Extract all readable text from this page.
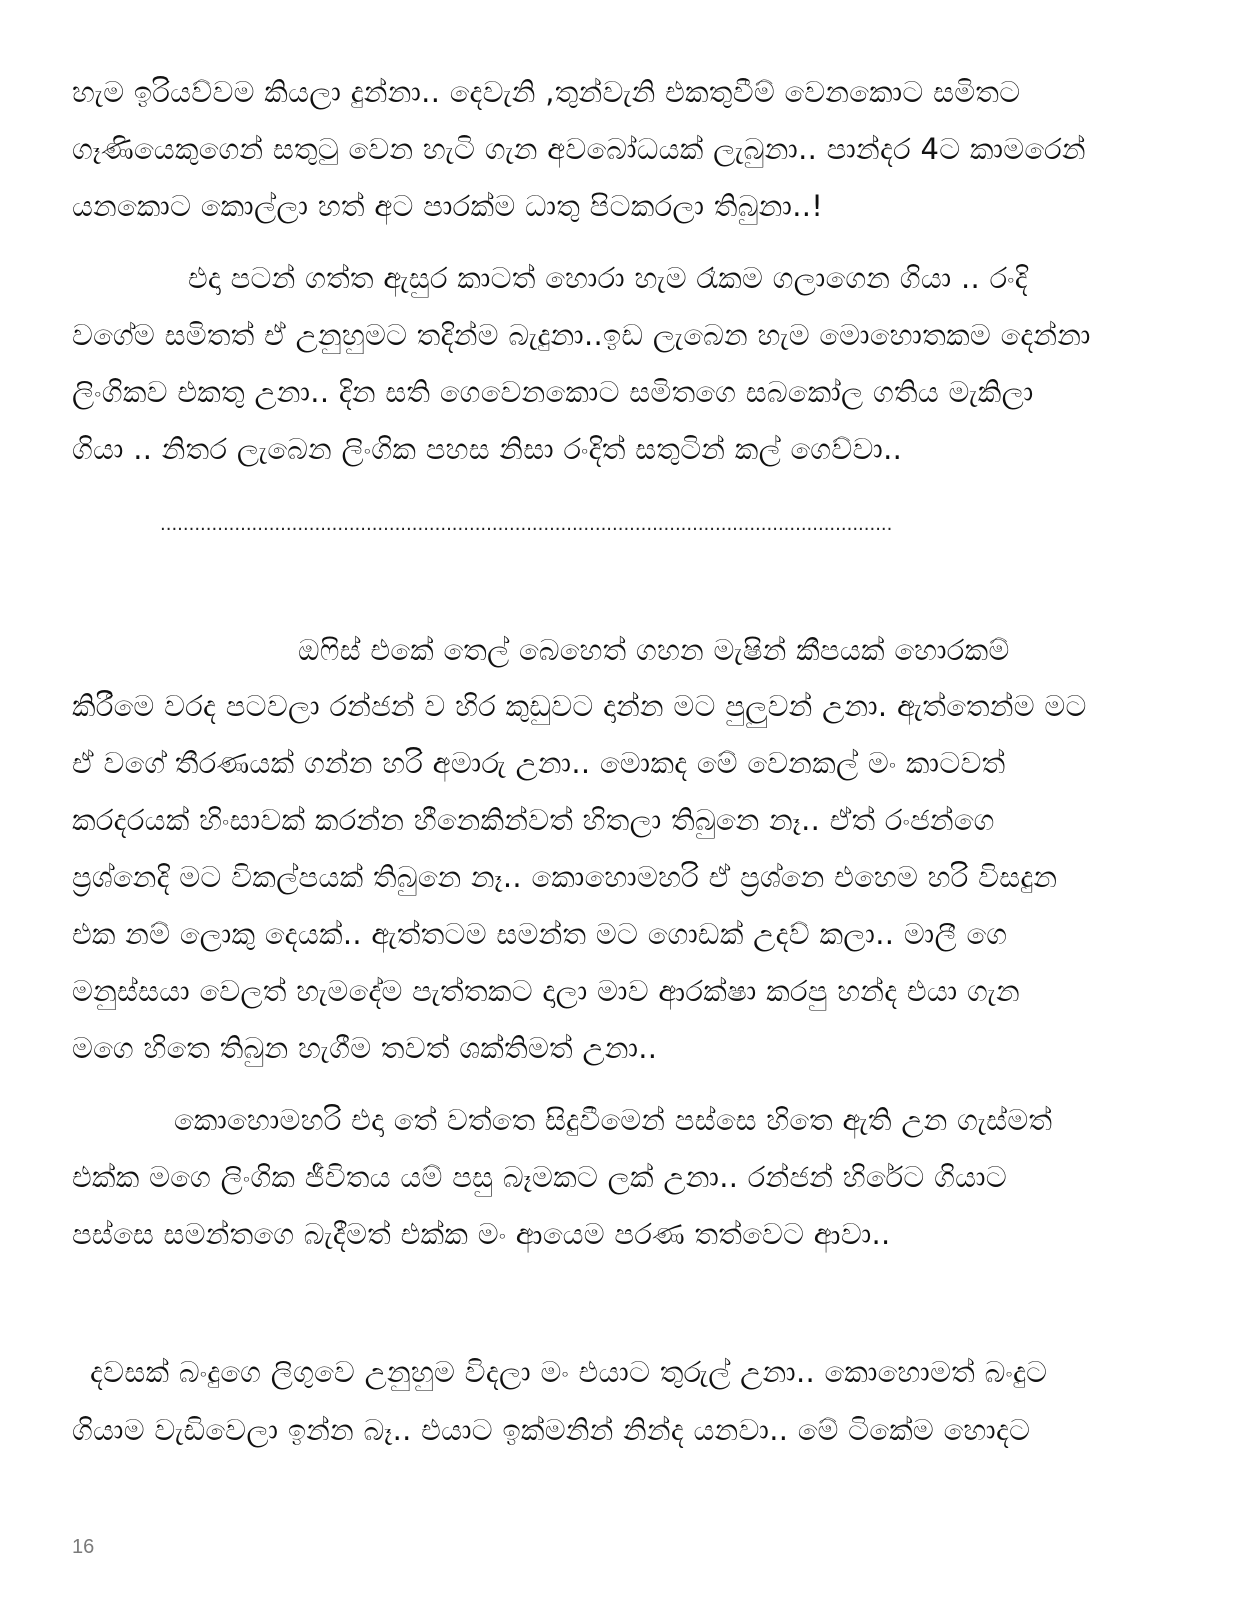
හැම ඉරියව්වම කියලා දුන්නා.. දෙවැනි ,තුන්වැනි එකතුවීම් වෙනකොට සමිතට
ගෑණියෙකුගෙන් සතුටු වෙන හැටි ගැන අවබෝධයක් ලැබුනා.. පාන්දර 4ට කාමරෙන්
යනකොට කොල්ලා හත් අට පාරක්ම ධාතු පිටකරලා තිබුනා..!
එදා පටන් ගත්ත ඇසුර කාටත් හොරා හැම රෑකම ගලාගෙන ගියා .. රංදි
වගේම සමිතත් ඒ උනුහුමට තදින්ම බැදුනා..ඉඩ ලැබෙන හැම මොහොතකම දෙන්නා
ලිංගිකව එකතු උනා.. දින සති ගෙවෙනකොට සමිතගෙ සබකෝල ගතිය මැකිලා
ගියා .. නිතර ලැබෙන ලිංගික පහස නිසා රංදිත් සතුටින් කල් ගෙව්වා..
................................................................................................................................
ඔෆිස් එකේ තෙල් බෙහෙත් ගහන මැෂින් කීපයක් හොරකම්
කිරීමෙ වරද පටවලා රන්ජන් ව හිර කුඩුවට දාන්න මට පුලුවන් උනා. ඇත්තෙන්ම මට
ඒ වගේ තීරණයක් ගන්න හරි අමාරු උනා.. මොකද මේ වෙනකල් මං කාටවත්
කරදරයක් හිංසාවක් කරන්න හීනෙකින්වත් හිතලා තිබුනෙ නෑ.. ඒත් රංජන්ගෙ
ප්‍රශ්නෙදි මට විකල්පයක් තිබුනෙ නෑ.. කොහොමහරි ඒ ප්‍රශ්නෙ එහෙම හරි විසදුන
එක නම් ලොකු දෙයක්.. ඇත්තටම සමන්ත මට ගොඩක් උදව් කලා.. මාලී ගෙ
මනුස්සයා වෙලත් හැමදේම පැත්තකට දාලා මාව ආරක්ෂා කරපු හන්ද එයා ගැන
මගෙ හිතෙ තිබුන හැගීම තවත් ශක්තිමත් උනා..
කොහොමහරි එදා තේ වත්තෙ සිදුවීමෙන් පස්සෙ හිතෙ ඇති උන ගැස්මත්
එක්ක මගෙ ලිංගික ජීවිතය යම් පසු බෑමකට ලක් උනා.. රන්ජන් හිරේට ගියාට
පස්සෙ සමන්තගෙ බැදීමත් එක්ක මං ආයෙම පරණ තත්වෙට ආවා..
දවසක් බංදුගෙ ලිගුවෙ උනුහුම විදලා මං එයාට තුරුල් උනා.. කොහොමත් බංදුට
ගියාම වැඩිවෙලා ඉන්න බෑ.. එයාට ඉක්මනින් නින්ද යනවා.. මේ ටිකේම හොදට
16
